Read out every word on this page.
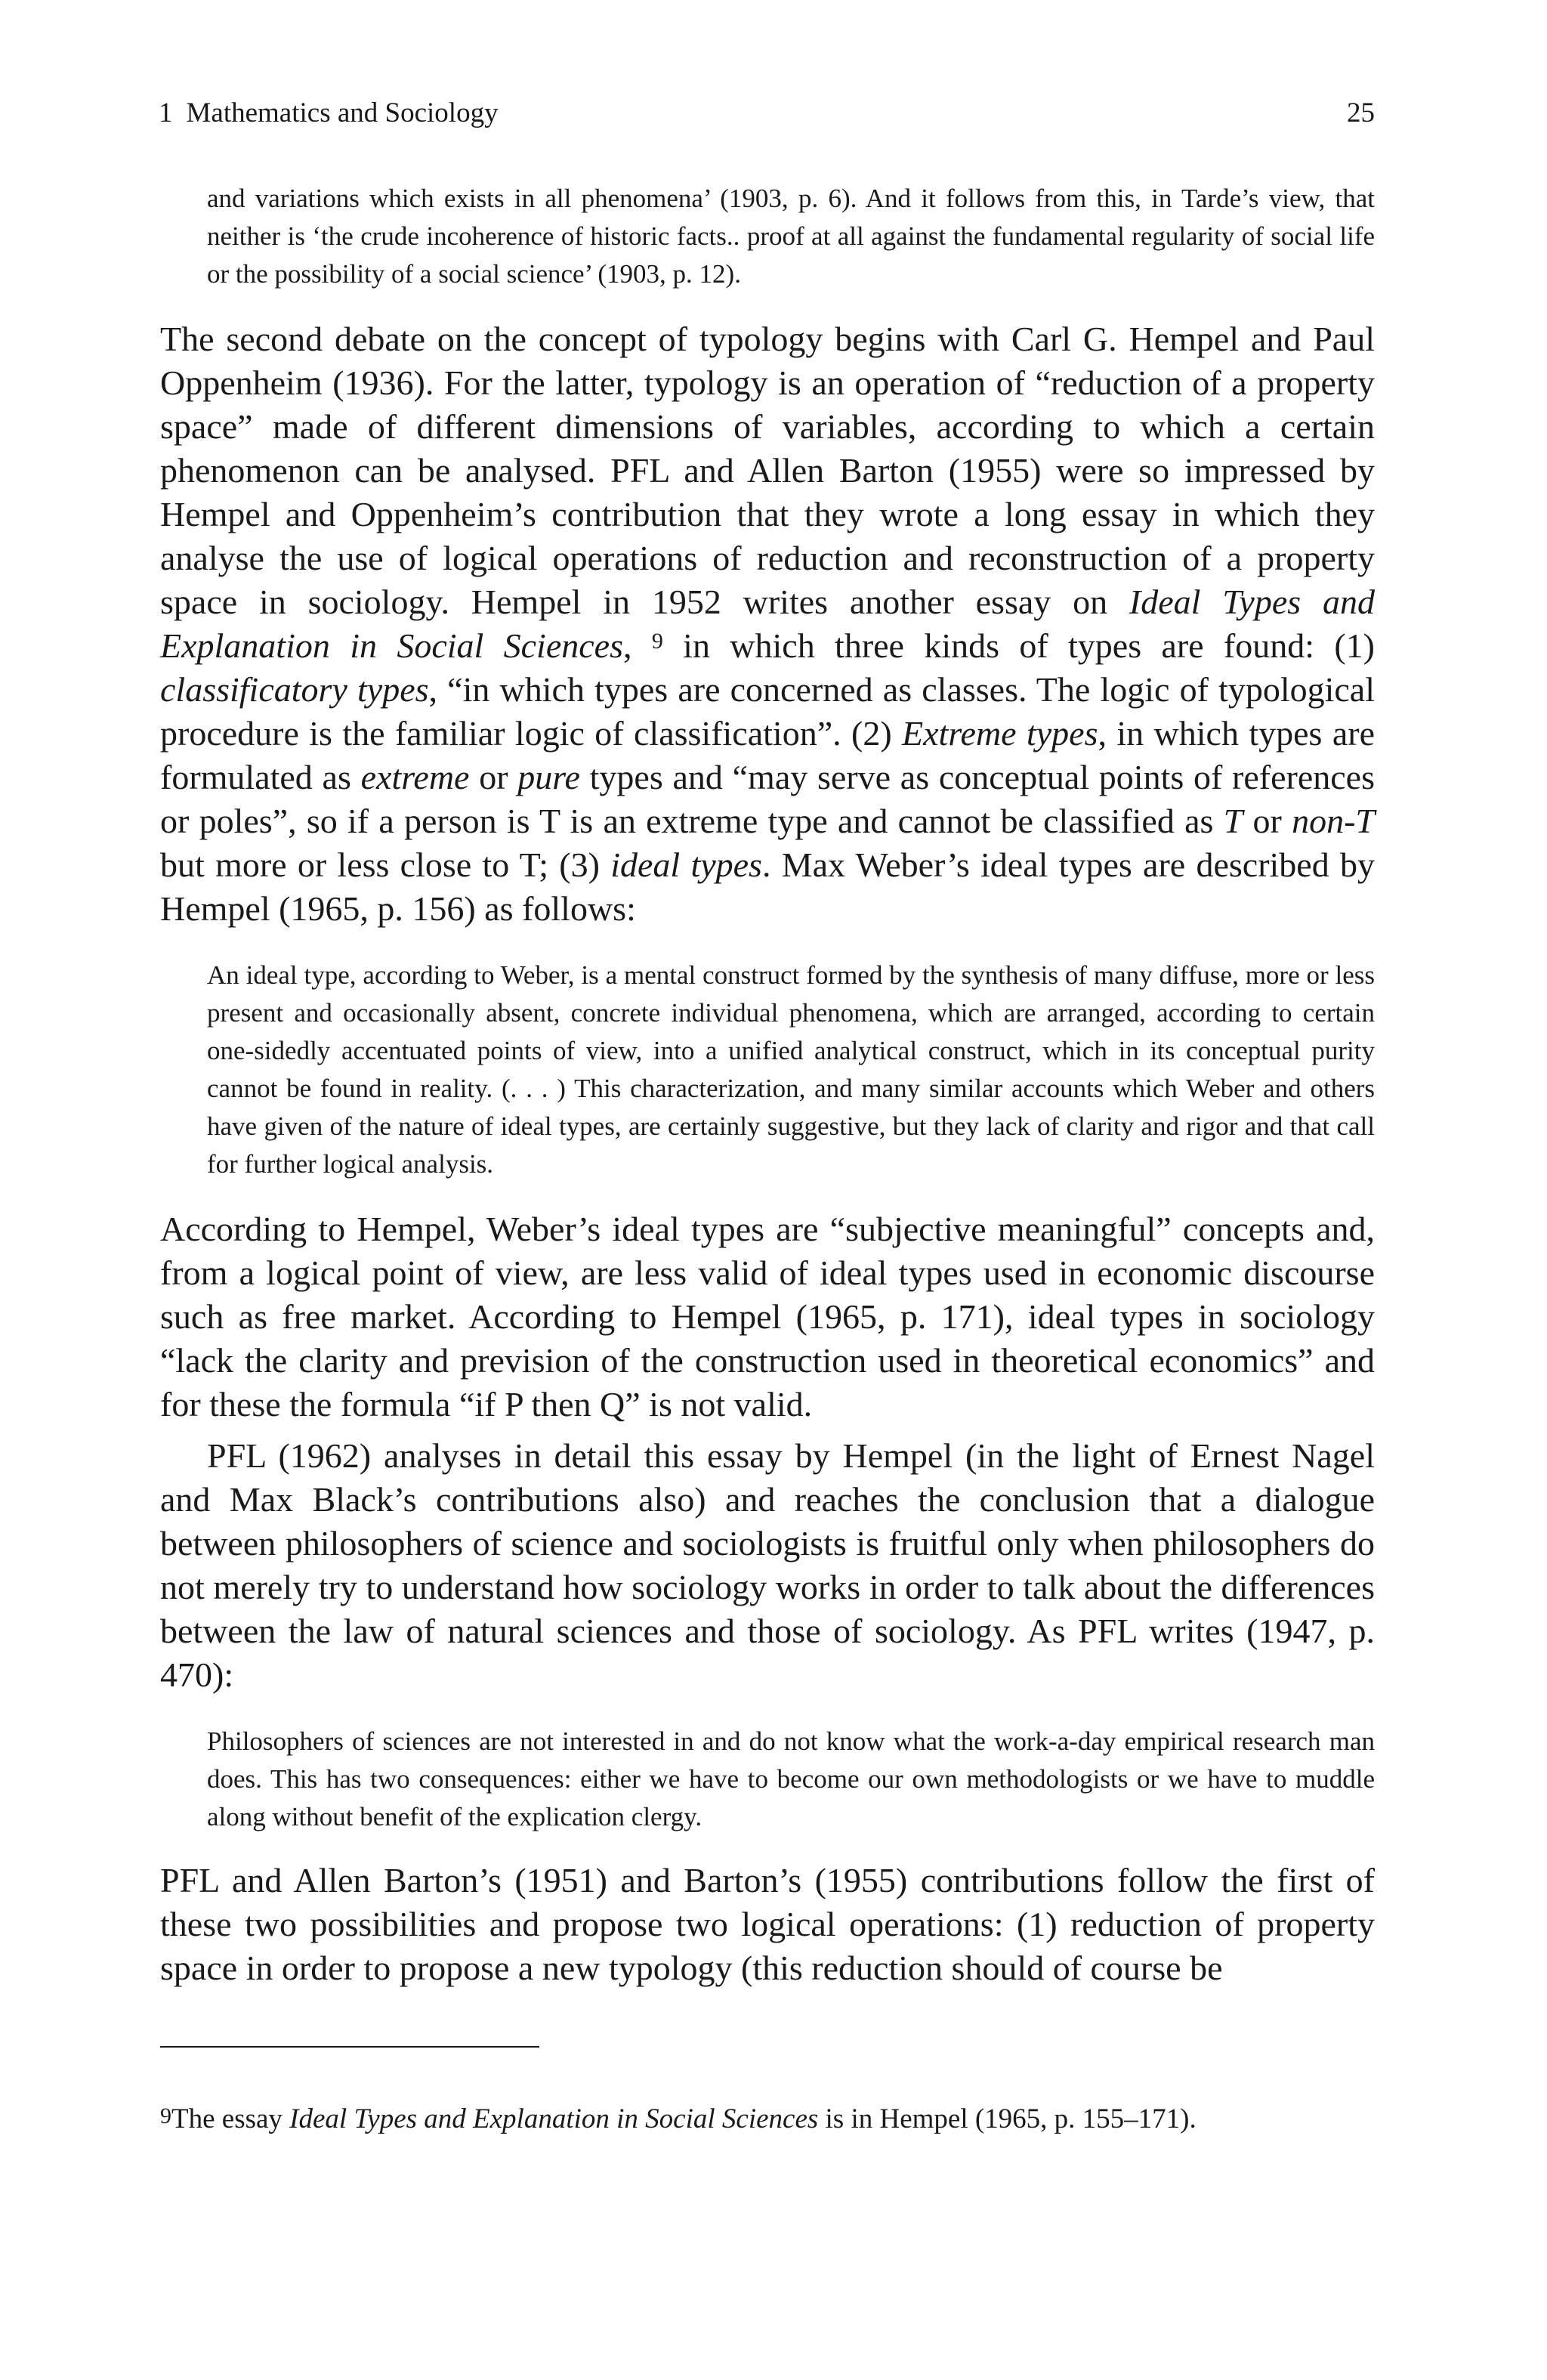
1 Mathematics and Sociology	25

and variations which exists in all phenomena’ (1903, p. 6). And it follows from this, in Tarde’s view, that neither is ‘the crude incoherence of historic facts.. proof at all against the fundamental regularity of social life or the possibility of a social science’ (1903, p. 12).

The second debate on the concept of typology begins with Carl G. Hempel and Paul Oppenheim (1936). For the latter, typology is an operation of “reduction of a property space” made of different dimensions of variables, according to which a certain phenomenon can be analysed. PFL and Allen Barton (1955) were so impressed by Hempel and Oppenheim’s contribution that they wrote a long essay in which they analyse the use of logical operations of reduction and reconstruction of a property space in sociology. Hempel in 1952 writes another essay on Ideal Types and Explanation in Social Sciences, $^9$ in which three kinds of types are found: (1) classificatory types, “in which types are concerned as classes. The logic of typological procedure is the familiar logic of classification”. (2) Extreme types, in which types are formulated as extreme or pure types and “may serve as conceptual points of references or poles”, so if a person is T is an extreme type and cannot be classified as T or non-T but more or less close to T; (3) ideal types. Max Weber’s ideal types are described by Hempel (1965, p. 156) as follows:

An ideal type, according to Weber, is a mental construct formed by the synthesis of many diffuse, more or less present and occasionally absent, concrete individual phenomena, which are arranged, according to certain one-sidedly accentuated points of view, into a unified analytical construct, which in its conceptual purity cannot be found in reality. (. . . ) This characterization, and many similar accounts which Weber and others have given of the nature of ideal types, are certainly suggestive, but they lack of clarity and rigor and that call for further logical analysis.

According to Hempel, Weber’s ideal types are “subjective meaningful” concepts and, from a logical point of view, are less valid of ideal types used in economic discourse such as free market. According to Hempel (1965, p. 171), ideal types in sociology “lack the clarity and prevision of the construction used in theoretical economics” and for these the formula “if P then Q” is not valid.

PFL (1962) analyses in detail this essay by Hempel (in the light of Ernest Nagel and Max Black’s contributions also) and reaches the conclusion that a dialogue between philosophers of science and sociologists is fruitful only when philosophers do not merely try to understand how sociology works in order to talk about the differences between the law of natural sciences and those of sociology. As PFL writes (1947, p. 470):

Philosophers of sciences are not interested in and do not know what the work-a-day empirical research man does. This has two consequences: either we have to become our own methodologists or we have to muddle along without benefit of the explication clergy.

PFL and Allen Barton’s (1951) and Barton’s (1955) contributions follow the first of these two possibilities and propose two logical operations: (1) reduction of property space in order to propose a new typology (this reduction should of course be

$^9$The essay Ideal Types and Explanation in Social Sciences is in Hempel (1965, p. 155–171).
